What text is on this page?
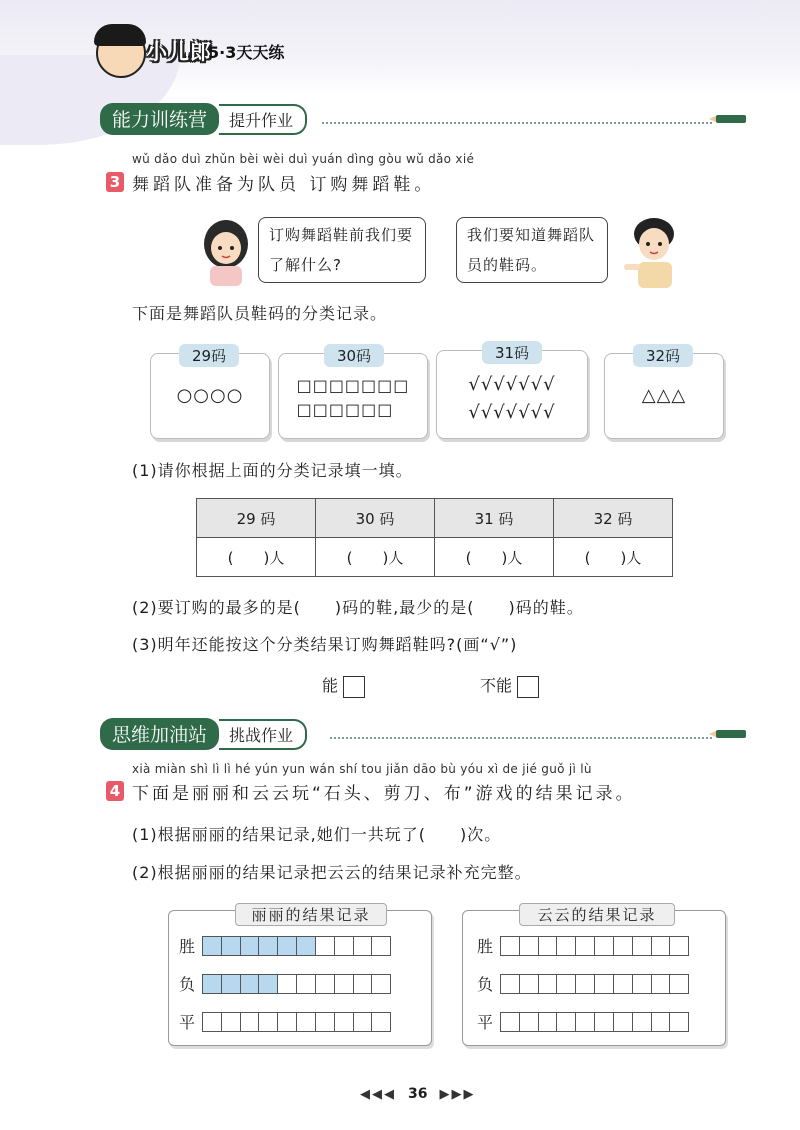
小儿郎
5·3天天练
能力训练营	提升作业
wǔ dǎo duì zhǔn bèi wèi duì yuán dìng gòu wǔ dǎo xié
3 舞蹈队准备为队员 订购舞蹈鞋。
订购舞蹈鞋前我们要了解什么?
我们要知道舞蹈队员的鞋码。
下面是舞蹈队员鞋码的分类记录。
29码
○○○○
30码
□□□□□□□
□□□□□□
31码
√√√√√√√
√√√√√√√
32码
△△△
(1)请你根据上面的分类记录填一填。
29 码	30 码	31 码	32 码
(　　)人	(　　)人	(　　)人	(　　)人
(2)要订购的最多的是(　　)码的鞋,最少的是(　　)码的鞋。
(3)明年还能按这个分类结果订购舞蹈鞋吗?(画“√”)
能	不能
思维加油站	挑战作业
xià miàn shì lì lì hé yún yun wán shí tou jiǎn dāo bù yóu xì de jié guǒ jì lù
4 下面是丽丽和云云玩“石头、剪刀、布”游戏的结果记录。
(1)根据丽丽的结果记录,她们一共玩了(　　)次。
(2)根据丽丽的结果记录把云云的结果记录补充完整。
丽丽的结果记录	云云的结果记录
胜
负
平
胜
负
平
◀◀◀ 36 ▶▶▶
